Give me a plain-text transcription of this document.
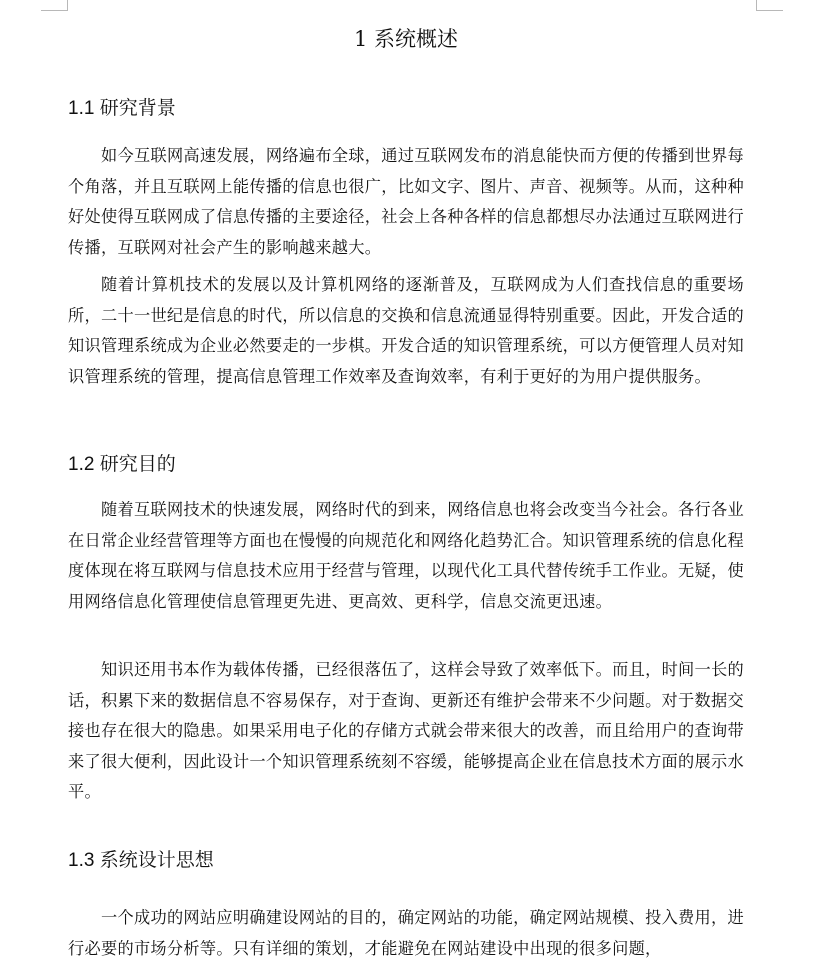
1 系统概述
1.1 研究背景

如今互联网高速发展，网络遍布全球，通过互联网发布的消息能快而方便的传播到世界每个角落，并且互联网上能传播的信息也很广，比如文字、图片、声音、视频等。从而，这种种好处使得互联网成了信息传播的主要途径，社会上各种各样的信息都想尽办法通过互联网进行传播，互联网对社会产生的影响越来越大。

随着计算机技术的发展以及计算机网络的逐渐普及，互联网成为人们查找信息的重要场所，二十一世纪是信息的时代，所以信息的交换和信息流通显得特别重要。因此，开发合适的知识管理系统成为企业必然要走的一步棋。开发合适的知识管理系统，可以方便管理人员对知识管理系统的管理，提高信息管理工作效率及查询效率，有利于更好的为用户提供服务。

1.2 研究目的

随着互联网技术的快速发展，网络时代的到来，网络信息也将会改变当今社会。各行各业在日常企业经营管理等方面也在慢慢的向规范化和网络化趋势汇合。知识管理系统的信息化程度体现在将互联网与信息技术应用于经营与管理，以现代化工具代替传统手工作业。无疑，使用网络信息化管理使信息管理更先进、更高效、更科学，信息交流更迅速。

知识还用书本作为载体传播，已经很落伍了，这样会导致了效率低下。而且，时间一长的话，积累下来的数据信息不容易保存，对于查询、更新还有维护会带来不少问题。对于数据交接也存在很大的隐患。如果采用电子化的存储方式就会带来很大的改善，而且给用户的查询带来了很大便利，因此设计一个知识管理系统刻不容缓，能够提高企业在信息技术方面的展示水平。

1.3 系统设计思想

一个成功的网站应明确建设网站的目的，确定网站的功能，确定网站规模、投入费用，进行必要的市场分析等。只有详细的策划，才能避免在网站建设中出现的很多问题，
